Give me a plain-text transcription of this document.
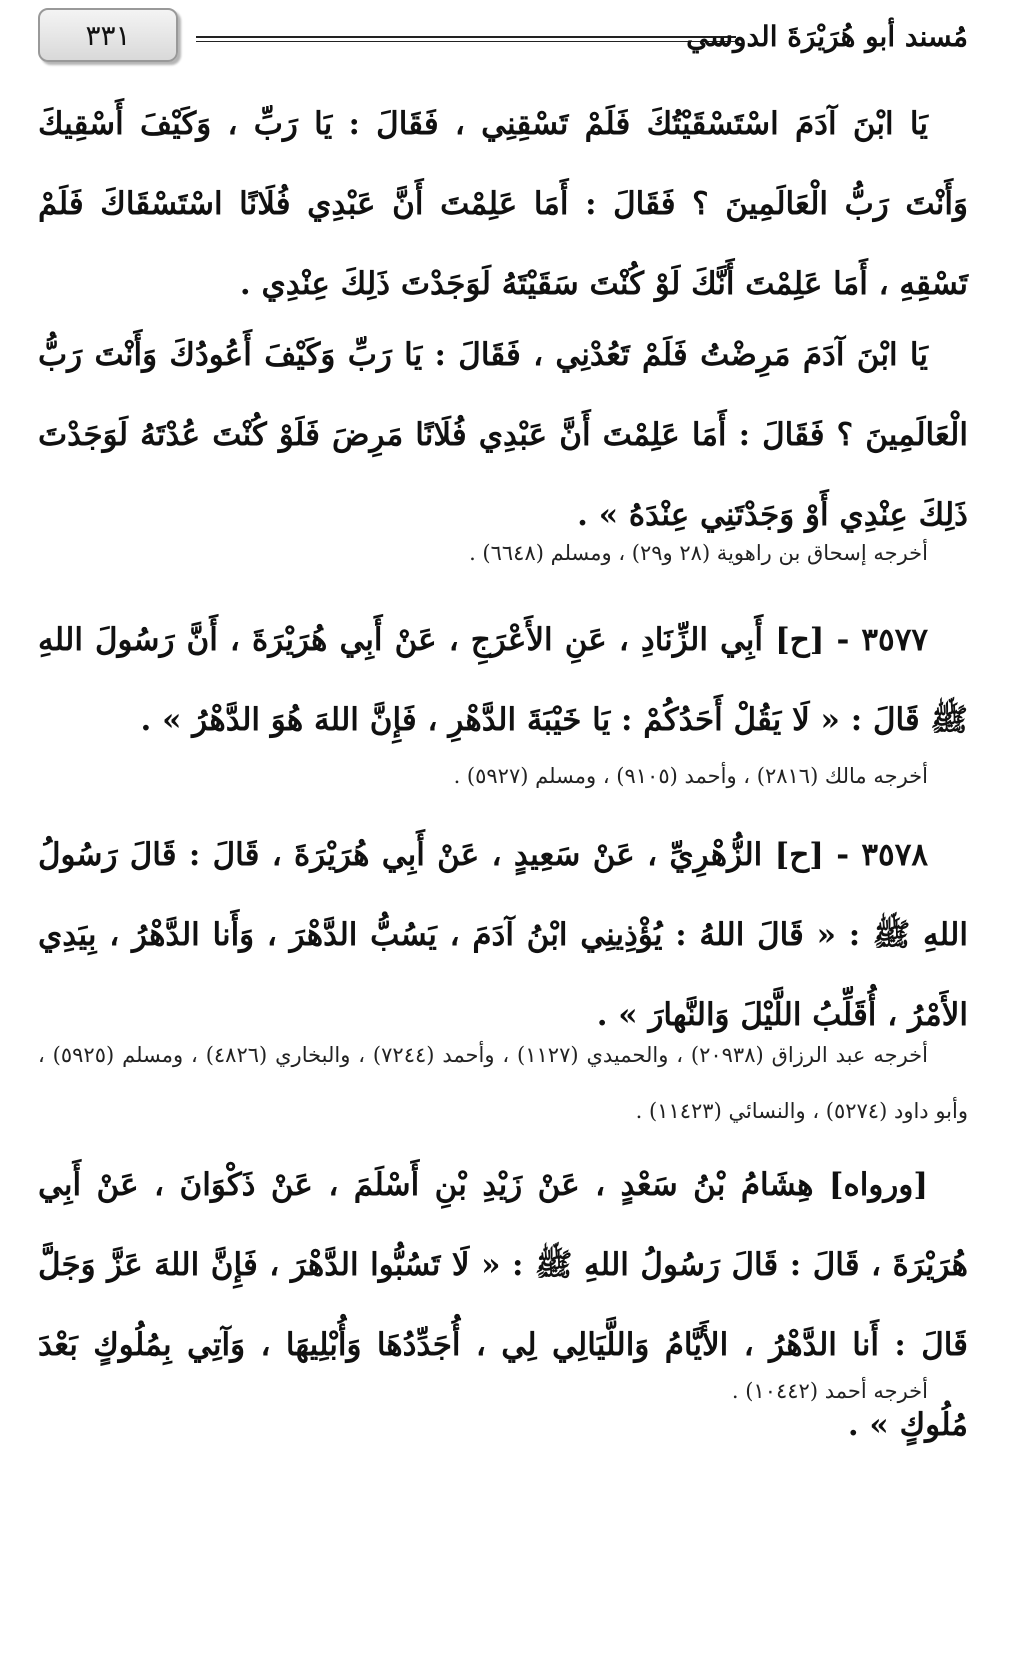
٣٣١	مُسند أبو هُرَيْرَةَ الدوسي
يَا ابْنَ آدَمَ اسْتَسْقَيْتُكَ فَلَمْ تَسْقِنِي ، فَقَالَ : يَا رَبِّ ، وَكَيْفَ أَسْقِيكَ وَأَنْتَ رَبُّ الْعَالَمِينَ ؟ فَقَالَ : أَمَا عَلِمْتَ أَنَّ عَبْدِي فُلَانًا اسْتَسْقَاكَ فَلَمْ تَسْقِهِ ، أَمَا عَلِمْتَ أَنَّكَ لَوْ كُنْتَ سَقَيْتَهُ لَوَجَدْتَ ذَلِكَ عِنْدِي .
يَا ابْنَ آدَمَ مَرِضْتُ فَلَمْ تَعُدْنِي ، فَقَالَ : يَا رَبِّ وَكَيْفَ أَعُودُكَ وَأَنْتَ رَبُّ الْعَالَمِينَ ؟ فَقَالَ : أَمَا عَلِمْتَ أَنَّ عَبْدِي فُلَانًا مَرِضَ فَلَوْ كُنْتَ عُدْتَهُ لَوَجَدْتَ ذَلِكَ عِنْدِي أَوْ وَجَدْتَنِي عِنْدَهُ » .
أخرجه إسحاق بن راهوية (٢٨ و٢٩) ، ومسلم (٦٦٤٨) .
٣٥٧٧ - [ح] أَبِي الزِّنَادِ ، عَنِ الأَعْرَجِ ، عَنْ أَبِي هُرَيْرَةَ ، أَنَّ رَسُولَ اللهِ ﷺ قَالَ : « لَا يَقُلْ أَحَدُكُمْ : يَا خَيْبَةَ الدَّهْرِ ، فَإِنَّ اللهَ هُوَ الدَّهْرُ » .
أخرجه مالك (٢٨١٦) ، وأحمد (٩١٠٥) ، ومسلم (٥٩٢٧) .
٣٥٧٨ - [ح] الزُّهْرِيِّ ، عَنْ سَعِيدٍ ، عَنْ أَبِي هُرَيْرَةَ ، قَالَ : قَالَ رَسُولُ اللهِ ﷺ : « قَالَ اللهُ : يُؤْذِينِي ابْنُ آدَمَ ، يَسُبُّ الدَّهْرَ ، وَأَنا الدَّهْرُ ، بِيَدِي الأَمْرُ ، أُقَلِّبُ اللَّيْلَ وَالنَّهارَ » .
أخرجه عبد الرزاق (٢٠٩٣٨) ، والحميدي (١١٢٧) ، وأحمد (٧٢٤٤) ، والبخاري (٤٨٢٦) ، ومسلم (٥٩٢٥) ، وأبو داود (٥٢٧٤) ، والنسائي (١١٤٢٣) .
[ورواه] هِشَامُ بْنُ سَعْدٍ ، عَنْ زَيْدِ بْنِ أَسْلَمَ ، عَنْ ذَكْوَانَ ، عَنْ أَبِي هُرَيْرَةَ ، قَالَ : قَالَ رَسُولُ اللهِ ﷺ : « لَا تَسُبُّوا الدَّهْرَ ، فَإِنَّ اللهَ عَزَّ وَجَلَّ قَالَ : أَنا الدَّهْرُ ، الأَيَّامُ وَاللَّيَالِي لِي ، أُجَدِّدُهَا وَأُبْلِيهَا ، وَآتِي بِمُلُوكٍ بَعْدَ مُلُوكٍ » .
أخرجه أحمد (١٠٤٤٢) .
